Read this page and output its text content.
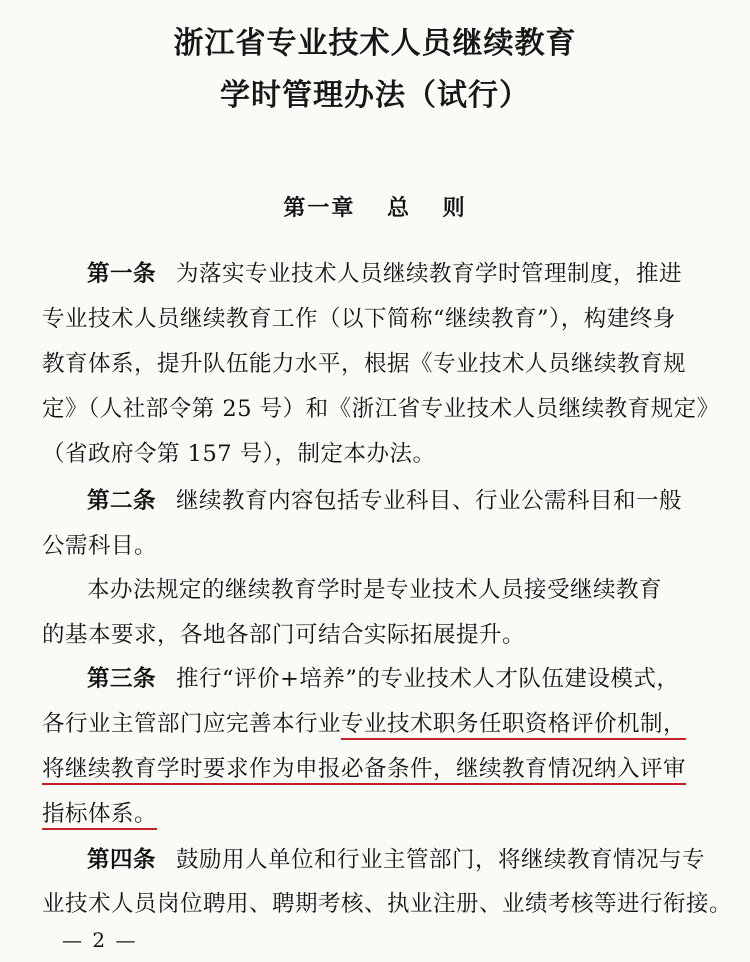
浙江省专业技术人员继续教育
学时管理办法（试行）
第一章 总 则
第一条 为落实专业技术人员继续教育学时管理制度，推进
专业技术人员继续教育工作（以下简称“继续教育”），构建终身
教育体系，提升队伍能力水平，根据《专业技术人员继续教育规
定》（人社部令第 25 号）和《浙江省专业技术人员继续教育规定》
（省政府令第 157 号），制定本办法。
第二条 继续教育内容包括专业科目、行业公需科目和一般
公需科目。
本办法规定的继续教育学时是专业技术人员接受继续教育
的基本要求，各地各部门可结合实际拓展提升。
第三条 推行“评价+培养”的专业技术人才队伍建设模式，
各行业主管部门应完善本行业专业技术职务任职资格评价机制，
将继续教育学时要求作为申报必备条件，继续教育情况纳入评审
指标体系。
第四条 鼓励用人单位和行业主管部门，将继续教育情况与专
业技术人员岗位聘用、聘期考核、执业注册、业绩考核等进行衔接。
— 2 —
